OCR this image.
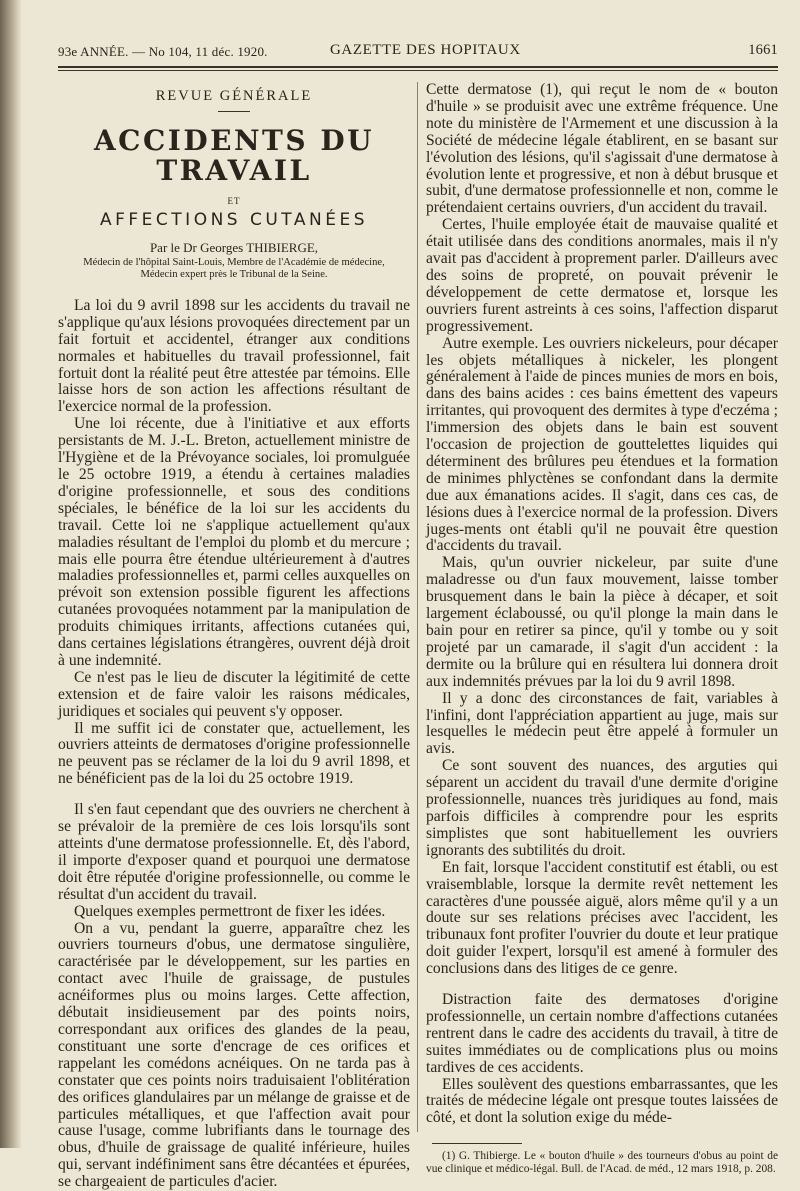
93e ANNÉE. — No 104, 11 déc. 1920.	GAZETTE DES HOPITAUX	1661
REVUE GÉNÉRALE
ACCIDENTS DU TRAVAIL
ET
AFFECTIONS CUTANÉES
Par le Dr Georges THIBIERGE,
Médecin de l'hôpital Saint-Louis, Membre de l'Académie de médecine,
Médecin expert près le Tribunal de la Seine.

La loi du 9 avril 1898 sur les accidents du travail ne s'applique qu'aux lésions provoquées directement par un fait fortuit et accidentel, étranger aux conditions normales et habituelles du travail professionnel, fait fortuit dont la réalité peut être attestée par témoins. Elle laisse hors de son action les affections résultant de l'exercice normal de la profession.

Une loi récente, due à l'initiative et aux efforts persistants de M. J.-L. Breton, actuellement ministre de l'Hygiène et de la Prévoyance sociales, loi promulguée le 25 octobre 1919, a étendu à certaines maladies d'origine professionnelle, et sous des conditions spéciales, le bénéfice de la loi sur les accidents du travail. Cette loi ne s'applique actuellement qu'aux maladies résultant de l'emploi du plomb et du mercure ; mais elle pourra être étendue ultérieurement à d'autres maladies professionnelles et, parmi celles auxquelles on prévoit son extension possible figurent les affections cutanées provoquées notamment par la manipulation de produits chimiques irritants, affections cutanées qui, dans certaines législations étrangères, ouvrent déjà droit à une indemnité.

Ce n'est pas le lieu de discuter la légitimité de cette extension et de faire valoir les raisons médicales, juridiques et sociales qui peuvent s'y opposer.

Il me suffit ici de constater que, actuellement, les ouvriers atteints de dermatoses d'origine professionnelle ne peuvent pas se réclamer de la loi du 9 avril 1898, et ne bénéficient pas de la loi du 25 octobre 1919.

Il s'en faut cependant que des ouvriers ne cherchent à se prévaloir de la première de ces lois lorsqu'ils sont atteints d'une dermatose professionnelle. Et, dès l'abord, il importe d'exposer quand et pourquoi une dermatose doit être réputée d'origine professionnelle, ou comme le résultat d'un accident du travail.

Quelques exemples permettront de fixer les idées.

On a vu, pendant la guerre, apparaître chez les ouvriers tourneurs d'obus, une dermatose singulière, caractérisée par le développement, sur les parties en contact avec l'huile de graissage, de pustules acnéiformes plus ou moins larges. Cette affection, débutait insidieusement par des points noirs, correspondant aux orifices des glandes de la peau, constituant une sorte d'encrage de ces orifices et rappelant les comédons acnéiques. On ne tarda pas à constater que ces points noirs traduisaient l'oblitération des orifices glandulaires par un mélange de graisse et de particules métalliques, et que l'affection avait pour cause l'usage, comme lubrifiants dans le tournage des obus, d'huile de graissage de qualité inférieure, huiles qui, servant indéfiniment sans être décantées et épurées, se chargeaient de particules d'acier.

Cette dermatose (1), qui reçut le nom de « bouton d'huile » se produisit avec une extrême fréquence. Une note du ministère de l'Armement et une discussion à la Société de médecine légale établirent, en se basant sur l'évolution des lésions, qu'il s'agissait d'une dermatose à évolution lente et progressive, et non à début brusque et subit, d'une dermatose professionnelle et non, comme le prétendaient certains ouvriers, d'un accident du travail.

Certes, l'huile employée était de mauvaise qualité et était utilisée dans des conditions anormales, mais il n'y avait pas d'accident à proprement parler. D'ailleurs avec des soins de propreté, on pouvait prévenir le développement de cette dermatose et, lorsque les ouvriers furent astreints à ces soins, l'affection disparut progressivement.

Autre exemple. Les ouvriers nickeleurs, pour décaper les objets métalliques à nickeler, les plongent généralement à l'aide de pinces munies de mors en bois, dans des bains acides : ces bains émettent des vapeurs irritantes, qui provoquent des dermites à type d'eczéma ; l'immersion des objets dans le bain est souvent l'occasion de projection de gouttelettes liquides qui déterminent des brûlures peu étendues et la formation de minimes phlyctènes se confondant dans la dermite due aux émanations acides. Il s'agit, dans ces cas, de lésions dues à l'exercice normal de la profession. Divers juges-ments ont établi qu'il ne pouvait être question d'accidents du travail.

Mais, qu'un ouvrier nickeleur, par suite d'une maladresse ou d'un faux mouvement, laisse tomber brusquement dans le bain la pièce à décaper, et soit largement éclaboussé, ou qu'il plonge la main dans le bain pour en retirer sa pince, qu'il y tombe ou y soit projeté par un camarade, il s'agit d'un accident : la dermite ou la brûlure qui en résultera lui donnera droit aux indemnités prévues par la loi du 9 avril 1898.

Il y a donc des circonstances de fait, variables à l'infini, dont l'appréciation appartient au juge, mais sur lesquelles le médecin peut être appelé à formuler un avis.

Ce sont souvent des nuances, des arguties qui séparent un accident du travail d'une dermite d'origine professionnelle, nuances très juridiques au fond, mais parfois difficiles à comprendre pour les esprits simplistes que sont habituellement les ouvriers ignorants des subtilités du droit.

En fait, lorsque l'accident constitutif est établi, ou est vraisemblable, lorsque la dermite revêt nettement les caractères d'une poussée aiguë, alors même qu'il y a un doute sur ses relations précises avec l'accident, les tribunaux font profiter l'ouvrier du doute et leur pratique doit guider l'expert, lorsqu'il est amené à formuler des conclusions dans des litiges de ce genre.

Distraction faite des dermatoses d'origine professionnelle, un certain nombre d'affections cutanées rentrent dans le cadre des accidents du travail, à titre de suites immédiates ou de complications plus ou moins tardives de ces accidents.

Elles soulèvent des questions embarrassantes, que les traités de médecine légale ont presque toutes laissées de côté, et dont la solution exige du méde-

(1) G. Thibierge. Le « bouton d'huile » des tourneurs d'obus au point de vue clinique et médico-légal. Bull. de l'Acad. de méd., 12 mars 1918, p. 208.
